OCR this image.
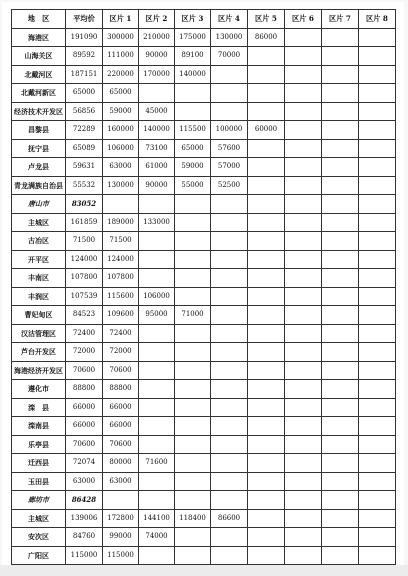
地　区	平均价	区片 1	区片 2	区片 3	区片 4	区片 5	区片 6	区片 7	区片 8
海港区	191090	300000	210000	175000	130000	86000			
山海关区	89592	111000	90000	89100	70000				
北戴河区	187151	220000	170000	140000					
北戴河新区	65000	65000							
经济技术开发区	56856	59000	45000						
昌黎县	72289	160000	140000	115500	100000	60000			
抚宁县	65089	106000	73100	65000	57600				
卢龙县	59631	63000	61000	59000	57000				
青龙满族自治县	55532	130000	90000	55000	52500				
唐山市	83052								
主城区	161859	189000	133000						
古冶区	71500	71500							
开平区	124000	124000							
丰南区	107800	107800							
丰润区	107539	115600	106000						
曹妃甸区	84523	109600	95000	71000					
汉沽管理区	72400	72400							
芦台开发区	72000	72000							
海港经济开发区	70600	70600							
遵化市	88800	88800							
滦　县	66000	66000							
滦南县	66000	66000							
乐亭县	70600	70600							
迁西县	72074	80000	71600						
玉田县	63000	63000							
廊坊市	86428								
主城区	139006	172800	144100	118400	86600				
安次区	84760	99000	74000						
广阳区	115000	115000							
